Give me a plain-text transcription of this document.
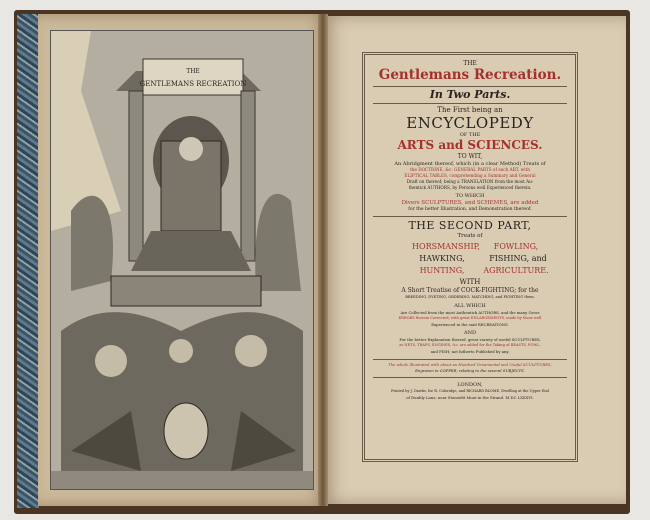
THE
GENTLEMANS RECREATION
THE
Gentlemans Recreation.
In Two Parts.
The First being an
ENCYCLOPEDY
OF THE
ARTS and SCIENCES.
TO WIT,
An Abridgment thereof, which (in a clear Method) Treats of
the DOCTRINE, &c. GENERAL PARTS of each ART, with
ELIPTICAL TABLES, comprehending a Summary and General
Draft on thereof; being a TRANSLATION from the most Au-
thentick AUTHORS, by Persons well Experienced therein.
TO WHICH
Divers SCULPTURES, and SCHEMES, are added
for the better Illustration, and Demonstration thereof.
THE SECOND PART,
Treats of
HORSMANSHIP,	FOWLING,
HAWKING,	FISHING, and
HUNTING,	AGRICULTURE.
WITH
A Short Treatise of COCK-FIGHTING; for the
BREEDING, DYETING, ORDERING, MATCHING, and FIGHTING them.
ALL WHICH
Are Collected from the most Authentick AUTHORS, and the many Gross
ERRORS therein Corrected; with great ENLARGEMENTS, made by those well
Experienced in the said RECREATIONS.
AND
For the better Explanation thereof, great variety of useful SCULPTURES,
as NETS, TRAPS, ENGINES, &c. are added for the Taking of BEASTS, FOWL,
and FISH; not hitherto Published by any.
The whole Illustrated with about an Hundred Ornamental and Useful SCULPTURES,
Engraven in COPPER, relating to the several SUBJECTS.
LONDON,
Printed by J. Dawks, for R. Coleridge, and RICHARD BLOME, Dwelling at the Upper End
of Dunbly Lane, near Stoneefit Moat in the Strand. M DC LXXXVI.
